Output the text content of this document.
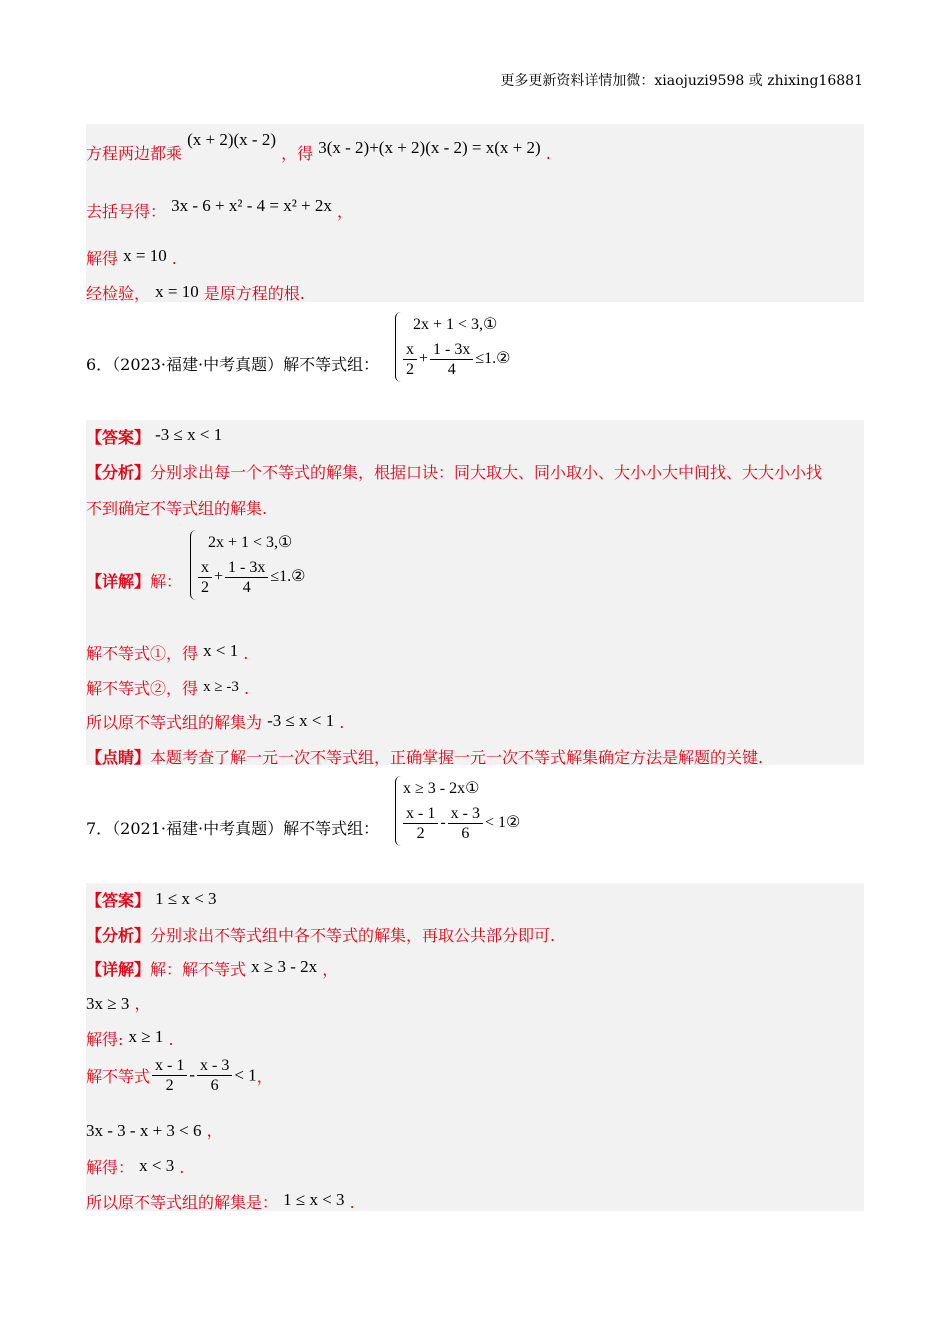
更多更新资料详情加微：xiaojuzi9598 或 zhixing16881
方程两边都乘 (x + 2)(x - 2) ，得 3(x - 2)+(x + 2)(x - 2) = x(x + 2) .
去括号得： 3x - 6 + x² - 4 = x² + 2x ，
解得 x = 10 .
经检验， x = 10 是原方程的根.
6．（2023·福建·中考真题）解不等式组：
2x + 1 < 3,①
$\frac{x}{2} + \frac{1 - 3x}{4}$ ≤1.②
【答案】 -3 ≤ x < 1
【分析】分别求出每一个不等式的解集，根据口诀：同大取大、同小取小、大小小大中间找、大大小小找
不到确定不等式组的解集.
【详解】解：
2x + 1 < 3,①
$\frac{x}{2} + \frac{1 - 3x}{4}$ ≤1.②
解不等式①，得 x < 1 .
解不等式②，得 x ≥ -3 .
所以原不等式组的解集为 -3 ≤ x < 1 .
【点睛】本题考查了解一元一次不等式组，正确掌握一元一次不等式解集确定方法是解题的关键.
7．（2021·福建·中考真题）解不等式组：
x ≥ 3 - 2x①
$\frac{x - 1}{2} - \frac{x - 3}{6}$ < 1②
【答案】 1 ≤ x < 3
【分析】分别求出不等式组中各不等式的解集，再取公共部分即可.
【详解】解：解不等式 x ≥ 3 - 2x ，
3x ≥ 3 ，
解得: x ≥ 1 .
解不等式 $\frac{x - 1}{2} - \frac{x - 3}{6} < 1$，
3x - 3 - x + 3 < 6 ，
解得： x < 3 .
所以原不等式组的解集是： 1 ≤ x < 3 .
